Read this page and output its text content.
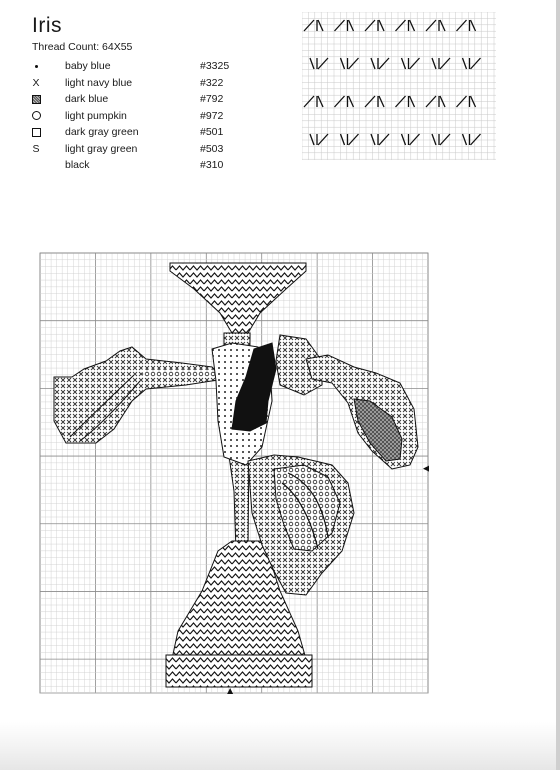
Iris
Thread Count: 64X55
baby blue	#3325
X light navy blue	#322
dark blue	#792
light pumpkin	#972
dark gray green	#501
S light gray green	#503
black	#310
